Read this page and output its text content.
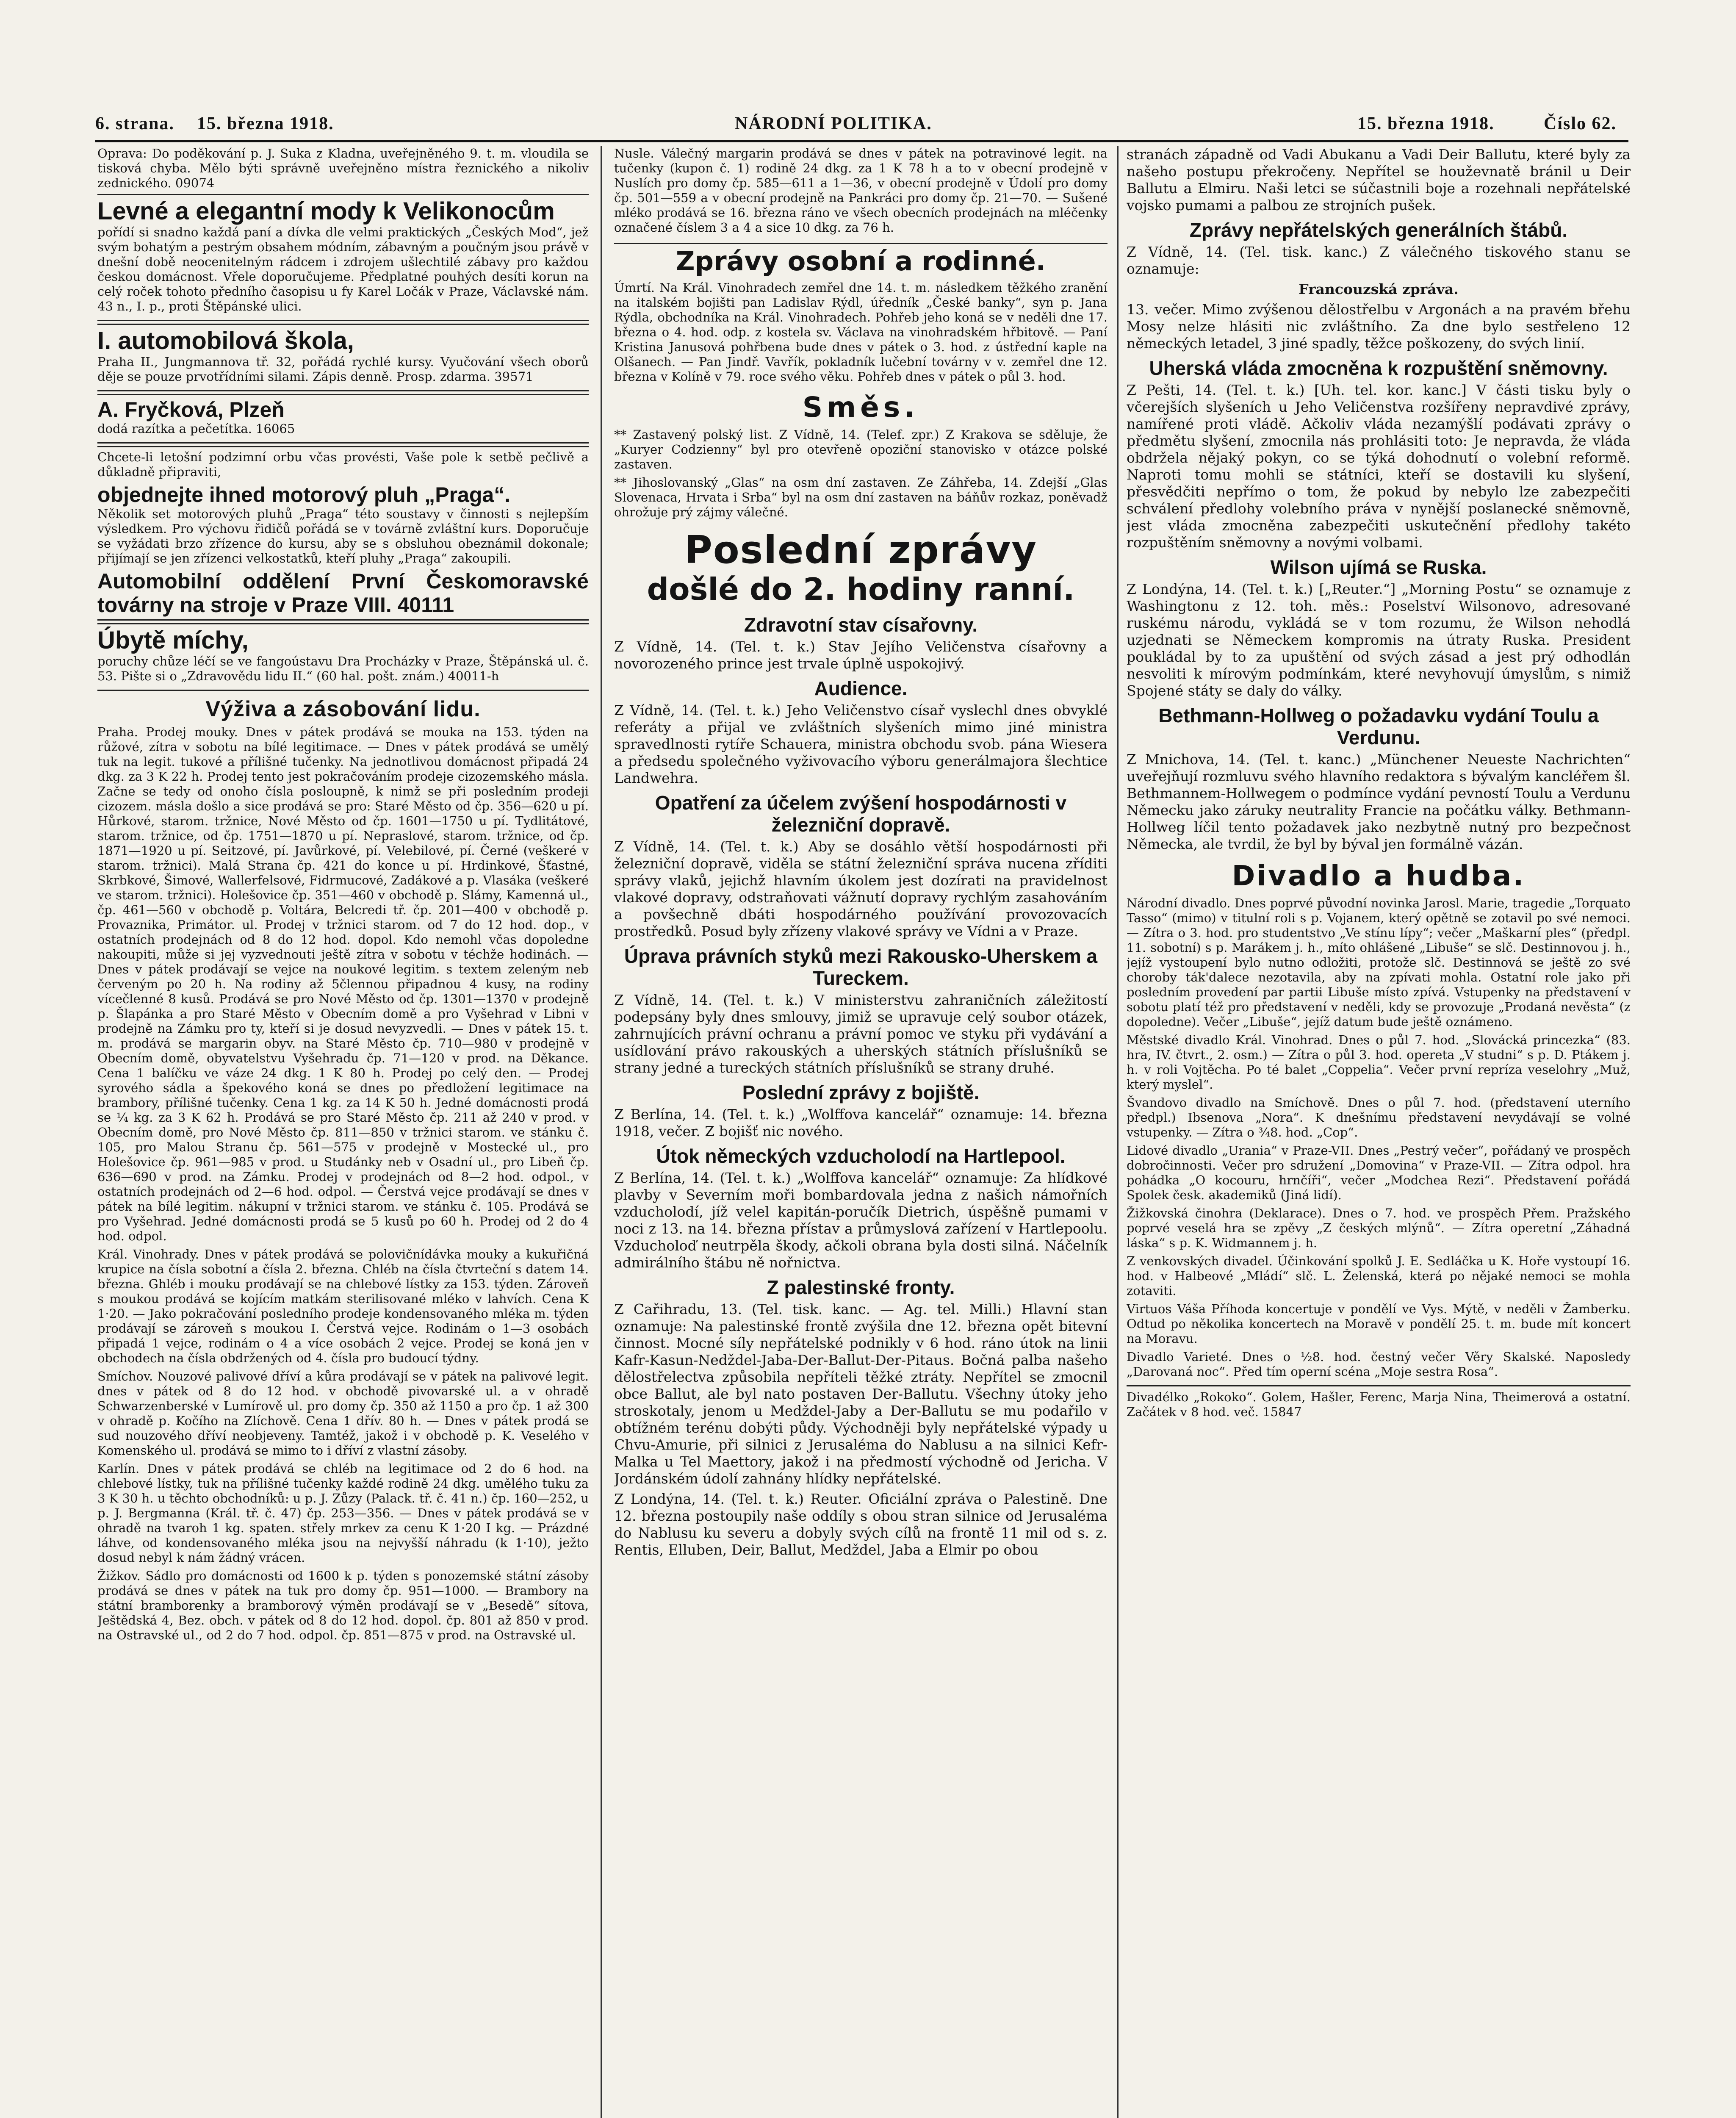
6. strana. 15. března 1918.	NÁRODNÍ POLITIKA.	15. března 1918.	Číslo 62.

Oprava: Do poděkování p. J. Suka z Kladna, uveřejněného 9. t. m. vloudila se tisková chyba. Mělo býti správně uveřejněno místra řeznického a nikoliv zednického. 09074

Levné a elegantní mody k Velikonocům

pořídí si snadno každá paní a dívka dle velmi praktických „Českých Mod“, jež svým bohatým a pestrým obsahem módním, zábavným a poučným jsou právě v dnešní době neocenitelným rádcem i zdrojem ušlechtilé zábavy pro každou českou domácnost. Vřele doporučujeme. Předplatné pouhých desíti korun na celý roček tohoto předního časopisu u fy Karel Ločák v Praze, Václavské nám. 43 n., I. p., proti Štěpánské ulici.

I. automobilová škola,

Praha II., Jungmannova tř. 32, pořádá rychlé kursy. Vyučování všech oborů děje se pouze prvotřídními silami. Zápis denně. Prosp. zdarma. 39571

A. Fryčková, Plzeň

dodá razítka a pečetítka. 16065

Chcete-li letošní podzimní orbu včas provésti, Vaše pole k setbě pečlivě a důkladně připraviti,

objednejte ihned motorový pluh „Praga“.

Několik set motorových pluhů „Praga“ této soustavy v činnosti s nejlepším výsledkem. Pro výchovu řidičů pořádá se v továrně zvláštní kurs. Doporučuje se vyžádati brzo zřízence do kursu, aby se s obsluhou obeznámil dokonale; přijímají se jen zřízenci velkostatků, kteří pluhy „Praga“ zakoupili.

Automobilní oddělení První Českomoravské továrny na stroje v Praze VIII. 40111

Úbytě míchy,

poruchy chůze léčí se ve fangoústavu Dra Procházky v Praze, Štěpánská ul. č. 53. Pište si o „Zdravovědu lidu II.“ (60 hal. pošt. znám.) 40011-h

Výživa a zásobování lidu.

Praha. Prodej mouky. Dnes v pátek prodává se mouka na 153. týden na růžové, zítra v sobotu na bílé legitimace. — Dnes v pátek prodává se umělý tuk na legit. tukové a přílišné tučenky. Na jednotlivou domácnost připadá 24 dkg. za 3 K 22 h. Prodej tento jest pokračováním prodeje cizozemského másla. Začne se tedy od onoho čísla posloupně, k nimž se při posledním prodeji cizozem. másla došlo a sice prodává se pro: Staré Město od čp. 356—620 u pí. Hůrkové, starom. tržnice, Nové Město od čp. 1601—1750 u pí. Tydlitátové, starom. tržnice, od čp. 1751—1870 u pí. Nepraslové, starom. tržnice, od čp. 1871—1920 u pí. Seitzové, pí. Javůrkové, pí. Velebilové, pí. Černé (veškeré v starom. tržnici). Malá Strana čp. 421 do konce u pí. Hrdinkové, Šťastné, Skrbkové, Šimové, Wallerfelsové, Fidrmucové, Zadákové a p. Vlasáka (veškeré ve starom. tržnici). Holešovice čp. 351—460 v obchodě p. Slámy, Kamenná ul., čp. 461—560 v obchodě p. Voltára, Belcredi tř. čp. 201—400 v obchodě p. Provaznika, Primátor. ul. Prodej v tržnici starom. od 7 do 12 hod. dop., v ostatních prodejnách od 8 do 12 hod. dopol. Kdo nemohl včas dopoledne nakoupiti, může si jej vyzvednouti ještě zítra v sobotu v téchže hodinách. — Dnes v pátek prodávají se vejce na noukové legitim. s textem zeleným neb červeným po 20 h. Na rodiny až 5člennou připadnou 4 kusy, na rodiny vícečlenné 8 kusů. Prodává se pro Nové Město od čp. 1301—1370 v prodejně p. Šlapánka a pro Staré Město v Obecním domě a pro Vyšehrad v Libni v prodejně na Zámku pro ty, kteří si je dosud nevyzvedli. — Dnes v pátek 15. t. m. prodává se margarin obyv. na Staré Město čp. 710—980 v prodejně v Obecním domě, obyvatelstvu Vyšehradu čp. 71—120 v prod. na Děkance. Cena 1 balíčku ve váze 24 dkg. 1 K 80 h. Prodej po celý den. — Prodej syrového sádla a špekového koná se dnes po předložení legitimace na brambory, přílišné tučenky. Cena 1 kg. za 14 K 50 h. Jedné domácnosti prodá se ¼ kg. za 3 K 62 h. Prodává se pro Staré Město čp. 211 až 240 v prod. v Obecním domě, pro Nové Město čp. 811—850 v tržnici starom. ve stánku č. 105, pro Malou Stranu čp. 561—575 v prodejně v Mostecké ul., pro Holešovice čp. 961—985 v prod. u Studánky neb v Osadní ul., pro Libeň čp. 636—690 v prod. na Zámku. Prodej v prodejnách od 8—2 hod. odpol., v ostatních prodejnách od 2—6 hod. odpol. — Čerstvá vejce prodávají se dnes v pátek na bílé legitim. nákupní v tržnici starom. ve stánku č. 105. Prodává se pro Vyšehrad. Jedné domácnosti prodá se 5 kusů po 60 h. Prodej od 2 do 4 hod. odpol.

Král. Vinohrady. Dnes v pátek prodává se polovičnídávka mouky a kukuřičná krupice na čísla sobotní a čísla 2. března. Chléb na čísla čtvrteční s datem 14. března. Ghléb i mouku prodávají se na chlebové lístky za 153. týden. Zároveň s moukou prodává se kojícím matkám sterilisované mléko v lahvích. Cena K 1·20. — Jako pokračování posledního prodeje kondensovaného mléka m. týden prodávají se zároveň s moukou I. Čerstvá vejce. Rodinám o 1—3 osobách připadá 1 vejce, rodinám o 4 a více osobách 2 vejce. Prodej se koná jen v obchodech na čísla obdržených od 4. čísla pro budoucí týdny.

Smíchov. Nouzové palivové dříví a kůra prodávají se v pátek na palivové legit. dnes v pátek od 8 do 12 hod. v obchodě pivovarské ul. a v ohradě Schwarzenberské v Lumírově ul. pro domy čp. 350 až 1150 a pro čp. 1 až 300 v ohradě p. Kočího na Zlíchově. Cena 1 dřív. 80 h. — Dnes v pátek prodá se sud nouzového dříví neobjeveny. Tamtéž, jakož i v obchodě p. K. Veselého v Komenského ul. prodává se mimo to i dříví z vlastní zásoby.

Karlín. Dnes v pátek prodává se chléb na legitimace od 2 do 6 hod. na chlebové lístky, tuk na přílišné tučenky každé rodině 24 dkg. umělého tuku za 3 K 30 h. u těchto obchodníků: u p. J. Zůzy (Palack. tř. č. 41 n.) čp. 160—252, u p. J. Bergmanna (Král. tř. č. 47) čp. 253—356. — Dnes v pátek prodává se v ohradě na tvaroh 1 kg. spaten. střely mrkev za cenu K 1·20 I kg. — Prázdné láhve, od kondensovaného mléka jsou na nejvyšší náhradu (k 1·10), ježto dosud nebyl k nám žádný vrácen.

Žižkov. Sádlo pro domácnosti od 1600 k p. týden s ponozemské státní zásoby prodává se dnes v pátek na tuk pro domy čp. 951—1000. — Brambory na státní bramborenky a bramborový výměn prodávají se v „Besedě“ sítova, Ještědská 4, Bez. obch. v pátek od 8 do 12 hod. dopol. čp. 801 až 850 v prod. na Ostravské ul., od 2 do 7 hod. odpol. čp. 851—875 v prod. na Ostravské ul.

Nusle. Válečný margarin prodává se dnes v pátek na potravinové legit. na tučenky (kupon č. 1) rodině 24 dkg. za 1 K 78 h a to v obecní prodejně v Nuslích pro domy čp. 585—611 a 1—36, v obecní prodejně v Údolí pro domy čp. 501—559 a v obecní prodejně na Pankráci pro domy čp. 21—70. — Sušené mléko prodává se 16. března ráno ve všech obecních prodejnách na mléčenky označené číslem 3 a 4 a sice 10 dkg. za 76 h.

Zprávy osobní a rodinné.

Úmrtí. Na Král. Vinohradech zemřel dne 14. t. m. následkem těžkého zranění na italském bojišti pan Ladislav Rýdl, úředník „České banky“, syn p. Jana Rýdla, obchodníka na Král. Vinohradech. Pohřeb jeho koná se v neděli dne 17. března o 4. hod. odp. z kostela sv. Václava na vinohradském hřbitově. — Paní Kristina Janusová pohřbena bude dnes v pátek o 3. hod. z ústřední kaple na Olšanech. — Pan Jindř. Vavřík, pokladník lučební továrny v v. zemřel dne 12. března v Kolíně v 79. roce svého věku. Pohřeb dnes v pátek o půl 3. hod.

Směs.

** Zastavený polský list. Z Vídně, 14. (Telef. zpr.) Z Krakova se sděluje, že „Kuryer Codzienny“ byl pro otevřeně opoziční stanovisko v otázce polské zastaven.

** Jihoslovanský „Glas“ na osm dní zastaven. Ze Záhřeba, 14. Zdejší „Glas Slovenaca, Hrvata i Srba“ byl na osm dní zastaven na báňův rozkaz, poněvadž ohrožuje prý zájmy válečné.

Poslední zprávy
došlé do 2. hodiny ranní.
Zdravotní stav císařovny.

Z Vídně, 14. (Tel. t. k.) Stav Jejího Veličenstva císařovny a novorozeného prince jest trvale úplně uspokojivý.

Audience.

Z Vídně, 14. (Tel. t. k.) Jeho Veličenstvo císař vyslechl dnes obvyklé referáty a přijal ve zvláštních slyšeních mimo jiné ministra spravedlnosti rytíře Schauera, ministra obchodu svob. pána Wiesera a předsedu společného vyživovacího výboru generálmajora šlechtice Landwehra.

Opatření za účelem zvýšení hospodárnosti v železniční dopravě.

Z Vídně, 14. (Tel. t. k.) Aby se dosáhlo větší hospodárnosti při železniční dopravě, viděla se státní železniční správa nucena zříditi správy vlaků, jejichž hlavním úkolem jest dozírati na pravidelnost vlakové dopravy, odstraňovati vážnutí dopravy rychlým zasahováním a povšechně dbáti hospodárného používání provozovacích prostředků. Posud byly zřízeny vlakové správy ve Vídni a v Praze.

Úprava právních styků mezi Rakousko-Uherskem a Tureckem.

Z Vídně, 14. (Tel. t. k.) V ministerstvu zahraničních záležitostí podepsány byly dnes smlouvy, jimiž se upravuje celý soubor otázek, zahrnujících právní ochranu a právní pomoc ve styku při vydávání a usídlování právo rakouských a uherských státních příslušníků se strany jedné a tureckých státních příslušníků se strany druhé.

Poslední zprávy z bojiště.

Z Berlína, 14. (Tel. t. k.) „Wolffova kancelář“ oznamuje: 14. března 1918, večer. Z bojišť nic nového.

Útok německých vzducholodí na Hartlepool.

Z Berlína, 14. (Tel. t. k.) „Wolffova kancelář“ oznamuje: Za hlídkové plavby v Severním moři bombardovala jedna z našich námořních vzducholodí, jíž velel kapitán-poručík Dietrich, úspěšně pumami v noci z 13. na 14. března přístav a průmyslová zařízení v Hartlepoolu. Vzducholoď neutrpěla škody, ačkoli obrana byla dosti silná. Náčelník admirálního štábu ně nořnictva.

Z palestinské fronty.

Z Cařihradu, 13. (Tel. tisk. kanc. — Ag. tel. Milli.) Hlavní stan oznamuje: Na palestinské frontě zvýšila dne 12. března opět bitevní činnost. Mocné síly nepřátelské podnikly v 6 hod. ráno útok na linii Kafr-Kasun-Nedždel-Jaba-Der-Ballut-Der-Pitaus. Bočná palba našeho dělostřelectva způsobila nepříteli těžké ztráty. Nepřítel se zmocnil obce Ballut, ale byl nato postaven Der-Ballutu. Všechny útoky jeho stroskotaly, jenom u Medždel-Jaby a Der-Ballutu se mu podařilo v obtížném terénu dobýti půdy. Východněji byly nepřátelské výpady u Chvu-Amurie, při silnici z Jerusaléma do Nablusu a na silnici Kefr-Malka u Tel Maettory, jakož i na předmostí východně od Jericha. V Jordánském údolí zahnány hlídky nepřátelské.

Z Londýna, 14. (Tel. t. k.) Reuter. Oficiální zpráva o Palestině. Dne 12. března postoupily naše oddíly s obou stran silnice od Jerusaléma do Nablusu ku severu a dobyly svých cílů na frontě 11 mil od s. z. Rentis, Elluben, Deir, Ballut, Medždel, Jaba a Elmir po obou

stranách západně od Vadi Abukanu a Vadi Deir Ballutu, které byly za našeho postupu překročeny. Nepřítel se houževnatě bránil u Deir Ballutu a Elmiru. Naši letci se súčastnili boje a rozehnali nepřátelské vojsko pumami a palbou ze strojních pušek.

Zprávy nepřátelských generálních štábů.

Z Vídně, 14. (Tel. tisk. kanc.) Z válečného tiskového stanu se oznamuje:

Francouzská zpráva.

13. večer. Mimo zvýšenou dělostřelbu v Argonách a na pravém břehu Mosy nelze hlásiti nic zvláštního. Za dne bylo sestřeleno 12 německých letadel, 3 jiné spadly, těžce poškozeny, do svých linií.

Uherská vláda zmocněna k rozpuštění sněmovny.

Z Pešti, 14. (Tel. t. k.) [Uh. tel. kor. kanc.] V části tisku byly o včerejších slyšeních u Jeho Veličenstva rozšířeny nepravdivé zprávy, namířené proti vládě. Ačkoliv vláda nezamýšlí podávati zprávy o předmětu slyšení, zmocnila nás prohlásiti toto: Je nepravda, že vláda obdržela nějaký pokyn, co se týká dohodnutí o volební reformě. Naproti tomu mohli se státníci, kteří se dostavili ku slyšení, přesvědčiti nepřímo o tom, že pokud by nebylo lze zabezpečiti schválení předlohy volebního práva v nynější poslanecké sněmovně, jest vláda zmocněna zabezpečiti uskutečnění předlohy takéto rozpuštěním sněmovny a novými volbami.

Wilson ujímá se Ruska.

Z Londýna, 14. (Tel. t. k.) [„Reuter.“] „Morning Postu“ se oznamuje z Washingtonu z 12. toh. měs.: Poselství Wilsonovo, adresované ruskému národu, vykládá se v tom rozumu, že Wilson nehodlá uzjednati se Německem kompromis na útraty Ruska. President poukládal by to za upuštění od svých zásad a jest prý odhodlán nesvoliti k mírovým podmínkám, které nevyhovují úmyslům, s nimiž Spojené státy se daly do války.

Bethmann-Hollweg o požadavku vydání Toulu a Verdunu.

Z Mnichova, 14. (Tel. t. kanc.) „Münchener Neueste Nachrichten“ uveřejňují rozmluvu svého hlavního redaktora s bývalým kancléřem šl. Bethmannem-Hollwegem o podmínce vydání pevností Toulu a Verdunu Německu jako záruky neutrality Francie na počátku války. Bethmann-Hollweg líčil tento požadavek jako nezbytně nutný pro bezpečnost Německa, ale tvrdil, že byl by býval jen formálně vázán.

Divadlo a hudba.

Národní divadlo. Dnes poprvé původní novinka Jarosl. Marie, tragedie „Torquato Tasso“ (mimo) v titulní roli s p. Vojanem, který opětně se zotavil po své nemoci. — Zítra o 3. hod. pro studentstvo „Ve stínu lípy“; večer „Maškarní ples“ (předpl. 11. sobotní) s p. Marákem j. h., míto ohlášené „Libuše“ se slč. Destinnovou j. h., jejíž vystoupení bylo nutno odložiti, protože slč. Destinnová se ještě zo své choroby ták'dalece nezotavila, aby na zpívati mohla. Ostatní role jako při posledním provedení par partii Libuše místo zpívá. Vstupenky na představení v sobotu platí též pro představení v neděli, kdy se provozuje „Prodaná nevěsta“ (z dopoledne). Večer „Libuše“, jejíž datum bude ještě oznámeno.

Městské divadlo Král. Vinohrad. Dnes o půl 7. hod. „Slovácká princezka“ (83. hra, IV. čtvrt., 2. osm.) — Zítra o půl 3. hod. opereta „V studni“ s p. D. Ptákem j. h. v roli Vojtěcha. Po té balet „Coppelia“. Večer první repríza veselohry „Muž, který myslel“.

Švandovo divadlo na Smíchově. Dnes o půl 7. hod. (představení uterního předpl.) Ibsenova „Nora“. K dnešnímu představení nevydávají se volné vstupenky. — Zítra o ¾8. hod. „Cop“.

Lidové divadlo „Urania“ v Praze-VII. Dnes „Pestrý večer“, pořádaný ve prospěch dobročinnosti. Večer pro sdružení „Domovina“ v Praze-VII. — Zítra odpol. hra pohádka „O kocouru, hrnčíři“, večer „Modchea Rezi“. Představení pořádá Spolek česk. akademiků (Jiná lidí).

Žižkovská činohra (Deklarace). Dnes o 7. hod. ve prospěch Přem. Pražského poprvé veselá hra se zpěvy „Z českých mlýnů“. — Zítra operetní „Záhadná láska“ s p. K. Widmannem j. h.

Z venkovských divadel. Účinkování spolků J. E. Sedláčka u K. Hoře vystoupí 16. hod. v Halbeové „Mládí“ slč. L. Želenská, která po nějaké nemoci se mohla zotaviti.

Virtuos Váša Příhoda koncertuje v pondělí ve Vys. Mýtě, v neděli v Žamberku. Odtud po několika koncertech na Moravě v pondělí 25. t. m. bude mít koncert na Moravu.

Divadlo Varieté. Dnes o ½8. hod. čestný večer Věry Skalské. Naposledy „Darovaná noc“. Před tím operní scéna „Moje sestra Rosa“.

Divadélko „Rokoko“. Golem, Hašler, Ferenc, Marja Nina, Theimerová a ostatní. Začátek v 8 hod. več. 15847
